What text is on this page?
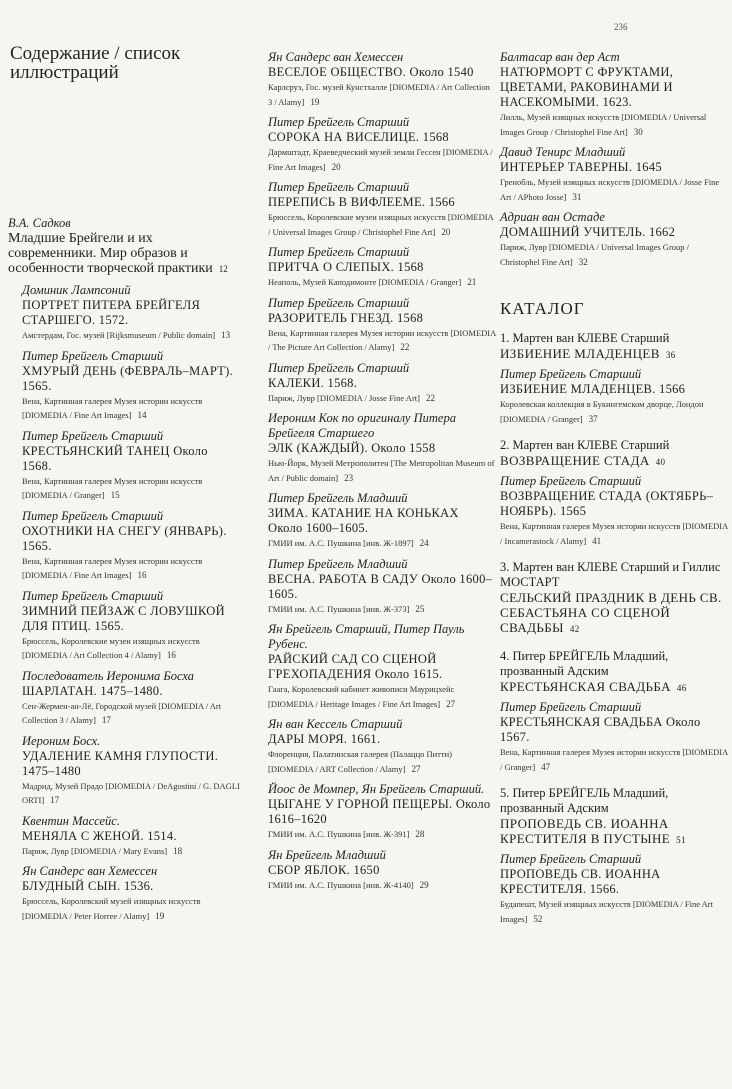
236
Содержание / список иллюстраций
В.А. Садков
Младшие Брейгели и их современники. Мир образов и особенности творческой практики 12
Доминик Лампсоний
ПОРТРЕТ ПИТЕРА БРЕЙГЕЛЯ СТАРШЕГО. 1572.
Амстердам, Гос. музей [Rijksmuseum / Public domain] 13
Питер Брейгель Старший
ХМУРЫЙ ДЕНЬ (ФЕВРАЛЬ–МАРТ). 1565.
Вена, Картинная галерея Музея истории искусств [DIOMEDIA / Fine Art Images] 14
Питер Брейгель Старший
КРЕСТЬЯНСКИЙ ТАНЕЦ Около 1568.
Вена, Картинная галерея Музея истории искусств [DIOMEDIA / Granger] 15
Питер Брейгель Старший
ОХОТНИКИ НА СНЕГУ (ЯНВАРЬ). 1565.
Вена, Картинная галерея Музея истории искусств [DIOMEDIA / Fine Art Images] 16
Питер Брейгель Старший
ЗИМНИЙ ПЕЙЗАЖ С ЛОВУШКОЙ ДЛЯ ПТИЦ. 1565.
Брюссель, Королевские музеи изящных искусств [DIOMEDIA / Art Collection 4 / Alamy] 16
Последователь Иеронима Босха
ШАРЛАТАН. 1475–1480.
Сен-Жермен-ан-Лё, Городской музей [DIOMEDIA / Art Collection 3 / Alamy] 17
Иероним Босх.
УДАЛЕНИЕ КАМНЯ ГЛУПОСТИ. 1475–1480
Мадрид, Музей Прадо [DIOMEDIA / DeAgostini / G. DAGLI ORTI] 17
Квентин Массейс.
МЕНЯЛА С ЖЕНОЙ. 1514.
Париж, Лувр [DIOMEDIA / Mary Evans] 18
Ян Сандерс ван Хемессен
БЛУДНЫЙ СЫН. 1536.
Брюссель, Королевский музей изящных искусств [DIOMEDIA / Peter Horree / Alamy] 19
Ян Сандерс ван Хемессен
ВЕСЕЛОЕ ОБЩЕСТВО. Около 1540
Карлсруэ, Гос. музей Кунстхалле [DIOMEDIA / Art Collection 3 / Alamy] 19
Питер Брейгель Старший
СОРОКА НА ВИСЕЛИЦЕ. 1568
Дармштадт, Краеведческий музей земли Гессен [DIOMEDIA / Fine Art Images] 20
Питер Брейгель Старший
ПЕРЕПИСЬ В ВИФЛЕЕМЕ. 1566
Брюссель, Королевские музеи изящных искусств [DIOMEDIA / Universal Images Group / Christophel Fine Art] 20
Питер Брейгель Старший
ПРИТЧА О СЛЕПЫХ. 1568
Неаполь, Музей Каподимонте [DIOMEDIA / Granger] 21
Питер Брейгель Старший
РАЗОРИТЕЛЬ ГНЕЗД. 1568
Вена, Картинная галерея Музея истории искусств [DIOMEDIA / The Picture Art Collection / Alamy] 22
Питер Брейгель Старший
КАЛЕКИ. 1568.
Париж, Лувр [DIOMEDIA / Josse Fine Art] 22
Иероним Кок по оригиналу Питера Брейгеля Старшего
ЭЛК (КАЖДЫЙ). Около 1558
Нью-Йорк, Музей Метрополитен [The Metropolitan Museum of Art / Public domain] 23
Питер Брейгель Младший
ЗИМА. КАТАНИЕ НА КОНЬКАХ Около 1600–1605.
ГМИИ им. А.С. Пушкина [инв. Ж-1897] 24
Питер Брейгель Младший
ВЕСНА. РАБОТА В САДУ Около 1600–1605.
ГМИИ им. А.С. Пушкина [инв. Ж-373] 25
Ян Брейгель Старший, Питер Пауль Рубенс.
РАЙСКИЙ САД СО СЦЕНОЙ ГРЕХОПАДЕНИЯ Около 1615.
Гаага, Королевский кабинет живописи Маурицхейс [DIOMEDIA / Heritage Images / Fine Art Images] 27
Ян ван Кессель Старший
ДАРЫ МОРЯ. 1661.
Флоренция, Палатинская галерея (Палаццо Питти) [DIOMEDIA / ART Collection / Alamy] 27
Йоос де Момпер, Ян Брейгель Старший.
ЦЫГАНЕ У ГОРНОЙ ПЕЩЕРЫ. Около 1616–1620
ГМИИ им. А.С. Пушкина [инв. Ж-391] 28
Ян Брейгель Младший
СБОР ЯБЛОК. 1650
ГМИИ им. А.С. Пушкина [инв. Ж-4140] 29
Балтасар ван дер Аст
НАТЮРМОРТ С ФРУКТАМИ, ЦВЕТАМИ, РАКОВИНАМИ И НАСЕКОМЫМИ. 1623.
Лилль, Музей изящных искусств [DIOMEDIA / Universal Images Group / Christophel Fine Art] 30
Давид Тенирс Младший
ИНТЕРЬЕР ТАВЕРНЫ. 1645
Гренобль, Музей изящных искусств [DIOMEDIA / Josse Fine Art / APhoto Josse] 31
Адриан ван Остаде
ДОМАШНИЙ УЧИТЕЛЬ. 1662
Париж, Лувр [DIOMEDIA / Universal Images Group / Christophel Fine Art] 32
КАТАЛОГ
1. Мартен ван КЛЕВЕ Старший
ИЗБИЕНИЕ МЛАДЕНЦЕВ 36
Питер Брейгель Старший
ИЗБИЕНИЕ МЛАДЕНЦЕВ. 1566
Королевская коллекция в Букингемском дворце, Лондон [DIOMEDIA / Granger] 37
2. Мартен ван КЛЕВЕ Старший
ВОЗВРАЩЕНИЕ СТАДА 40
Питер Брейгель Старший
ВОЗВРАЩЕНИЕ СТАДА (ОКТЯБРЬ–НОЯБРЬ). 1565
Вена, Картинная галерея Музея истории искусств [DIOMEDIA / Incamerastock / Alamy] 41
3. Мартен ван КЛЕВЕ Старший и Гиллис МОСТАРТ
СЕЛЬСКИЙ ПРАЗДНИК В ДЕНЬ СВ. СЕБАСТЬЯНА СО СЦЕНОЙ СВАДЬБЫ 42
4. Питер БРЕЙГЕЛЬ Младший, прозванный Адским
КРЕСТЬЯНСКАЯ СВАДЬБА 46
Питер Брейгель Старший
КРЕСТЬЯНСКАЯ СВАДЬБА Около 1567.
Вена, Картинная галерея Музея истории искусств [DIOMEDIA / Granger] 47
5. Питер БРЕЙГЕЛЬ Младший, прозванный Адским
ПРОПОВЕДЬ СВ. ИОАННА КРЕСТИТЕЛЯ В ПУСТЫНЕ 51
Питер Брейгель Старший
ПРОПОВЕДЬ СВ. ИОАННА КРЕСТИТЕЛЯ. 1566.
Будапешт, Музей изящных искусств [DIOMEDIA / Fine Art Images] 52
